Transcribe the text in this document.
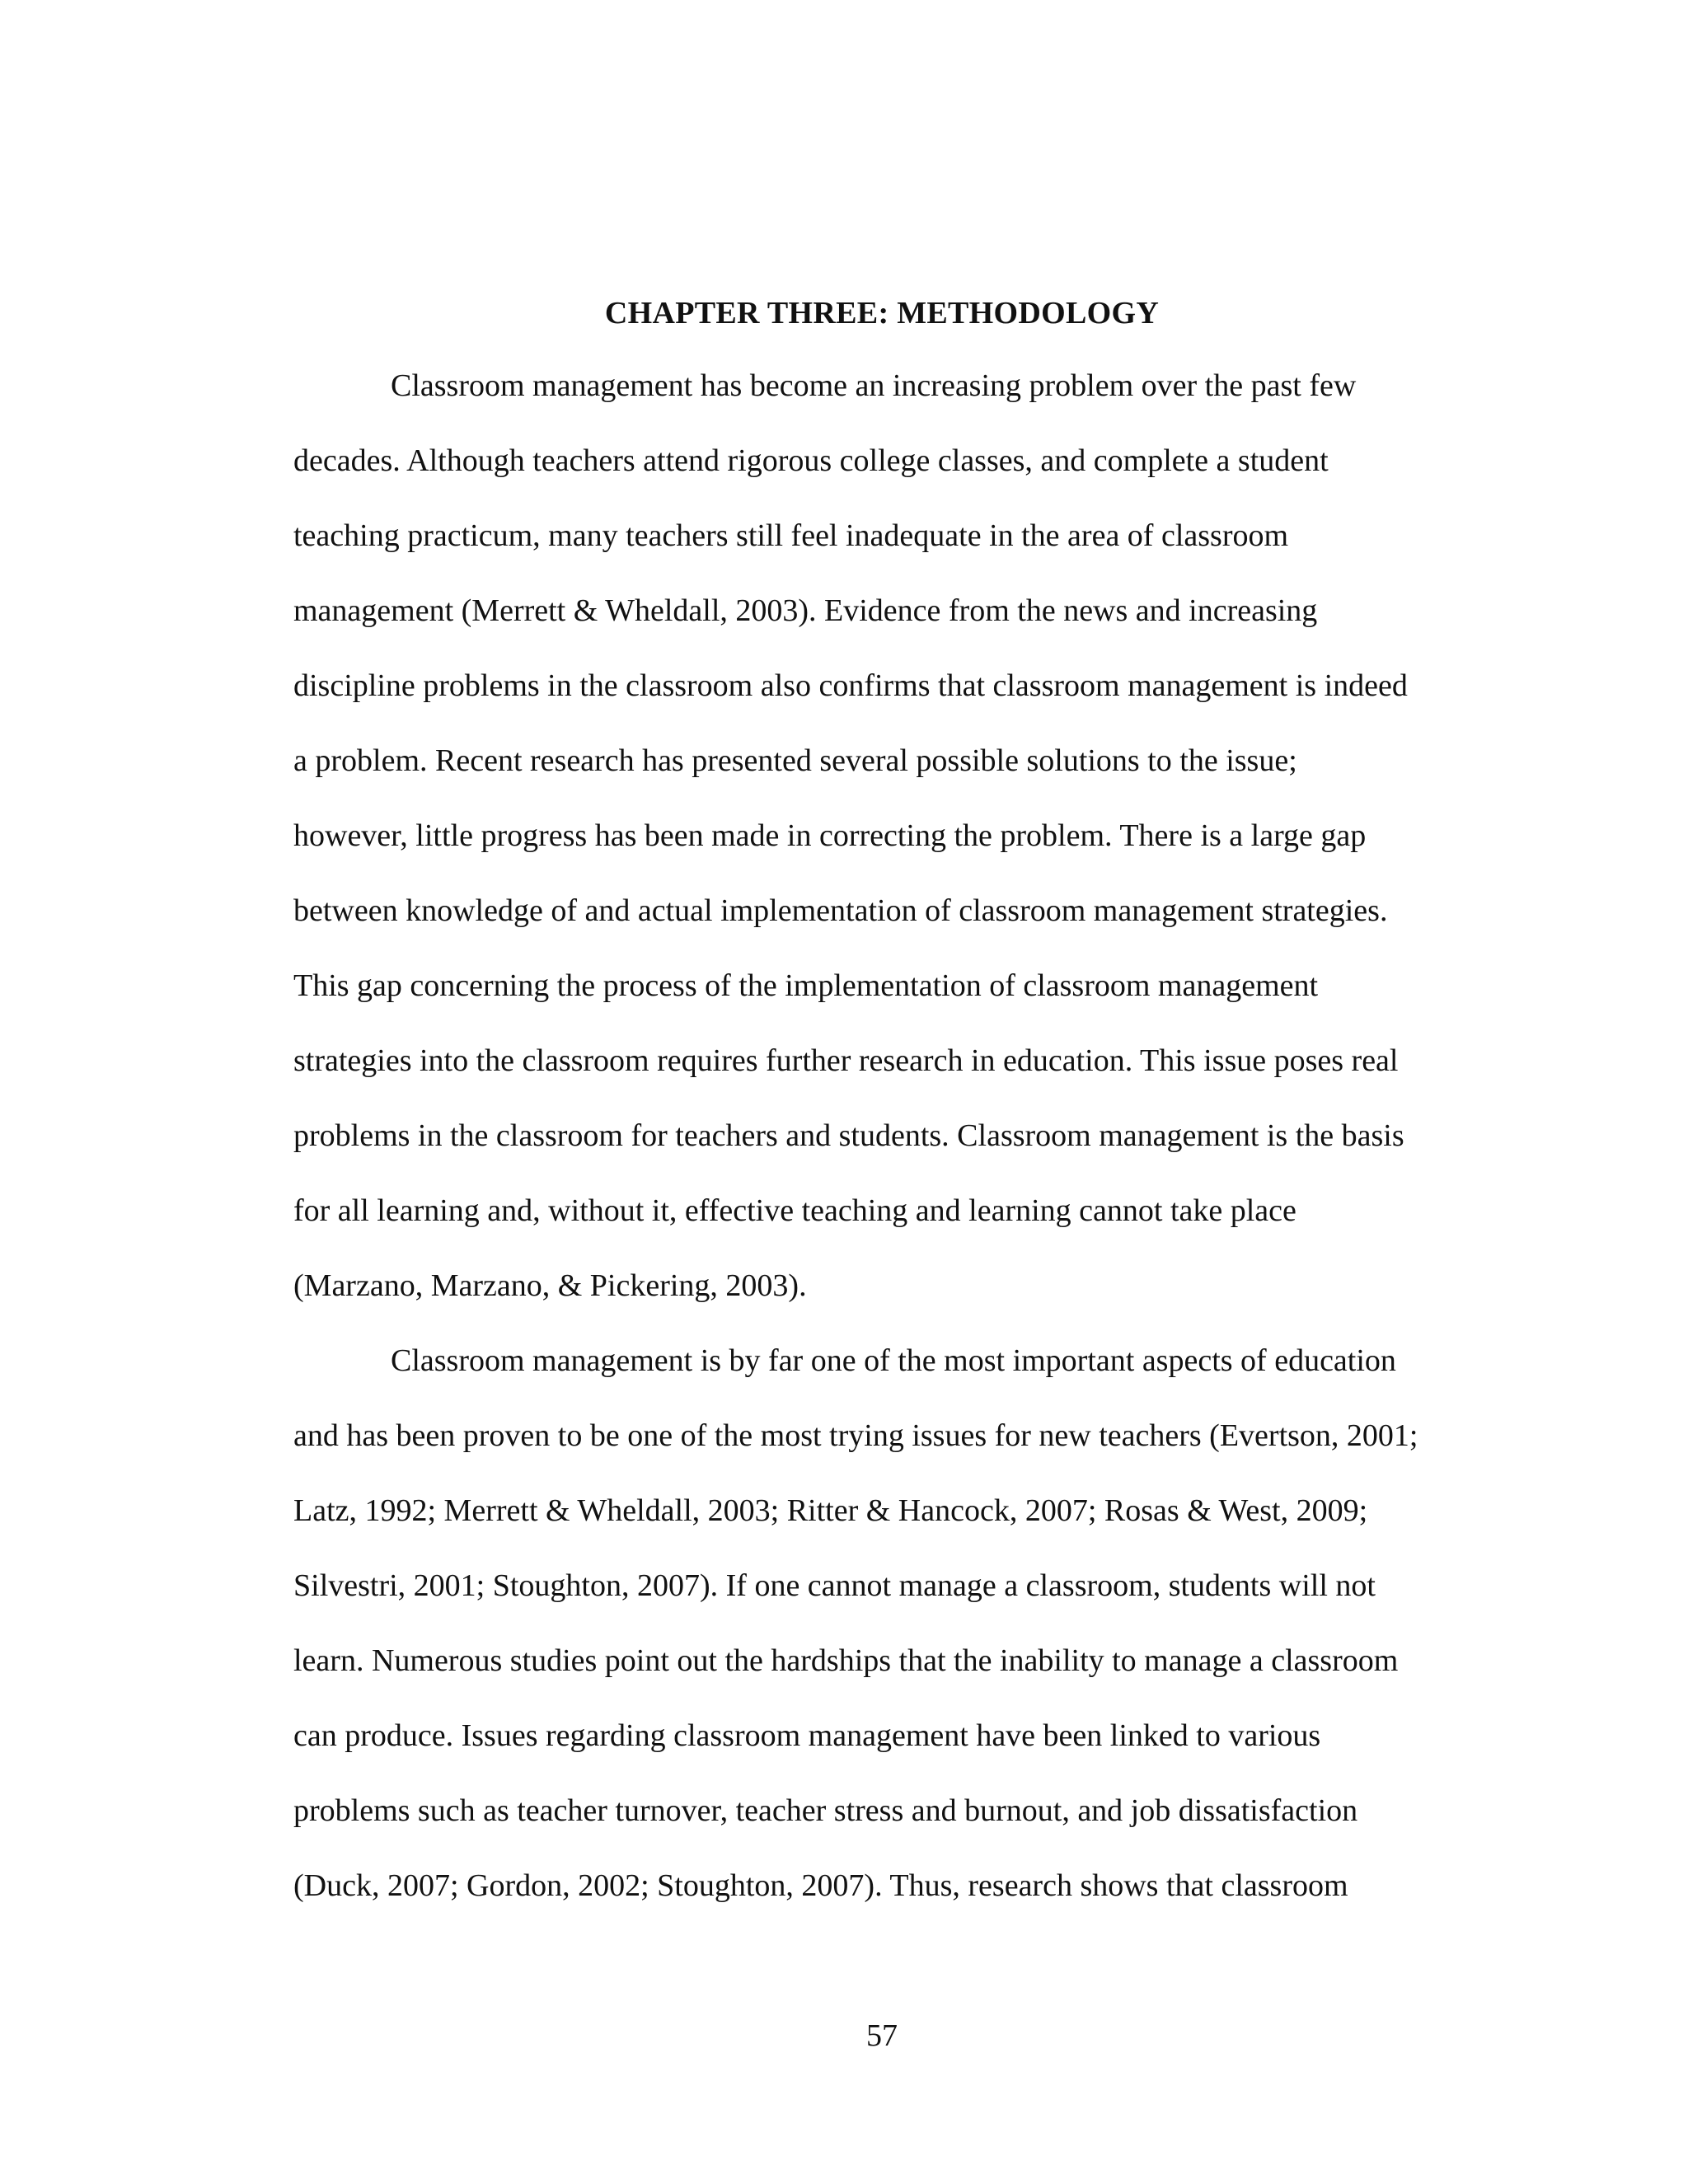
CHAPTER THREE: METHODOLOGY
Classroom management has become an increasing problem over the past few
decades. Although teachers attend rigorous college classes, and complete a student
teaching practicum, many teachers still feel inadequate in the area of classroom
management (Merrett & Wheldall, 2003). Evidence from the news and increasing
discipline problems in the classroom also confirms that classroom management is indeed
a problem. Recent research has presented several possible solutions to the issue;
however, little progress has been made in correcting the problem. There is a large gap
between knowledge of and actual implementation of classroom management strategies.
This gap concerning the process of the implementation of classroom management
strategies into the classroom requires further research in education. This issue poses real
problems in the classroom for teachers and students. Classroom management is the basis
for all learning and, without it, effective teaching and learning cannot take place
(Marzano, Marzano, & Pickering, 2003).
Classroom management is by far one of the most important aspects of education
and has been proven to be one of the most trying issues for new teachers (Evertson, 2001;
Latz, 1992; Merrett & Wheldall, 2003; Ritter & Hancock, 2007; Rosas & West, 2009;
Silvestri, 2001; Stoughton, 2007). If one cannot manage a classroom, students will not
learn. Numerous studies point out the hardships that the inability to manage a classroom
can produce. Issues regarding classroom management have been linked to various
problems such as teacher turnover, teacher stress and burnout, and job dissatisfaction
(Duck, 2007; Gordon, 2002; Stoughton, 2007). Thus, research shows that classroom
57
